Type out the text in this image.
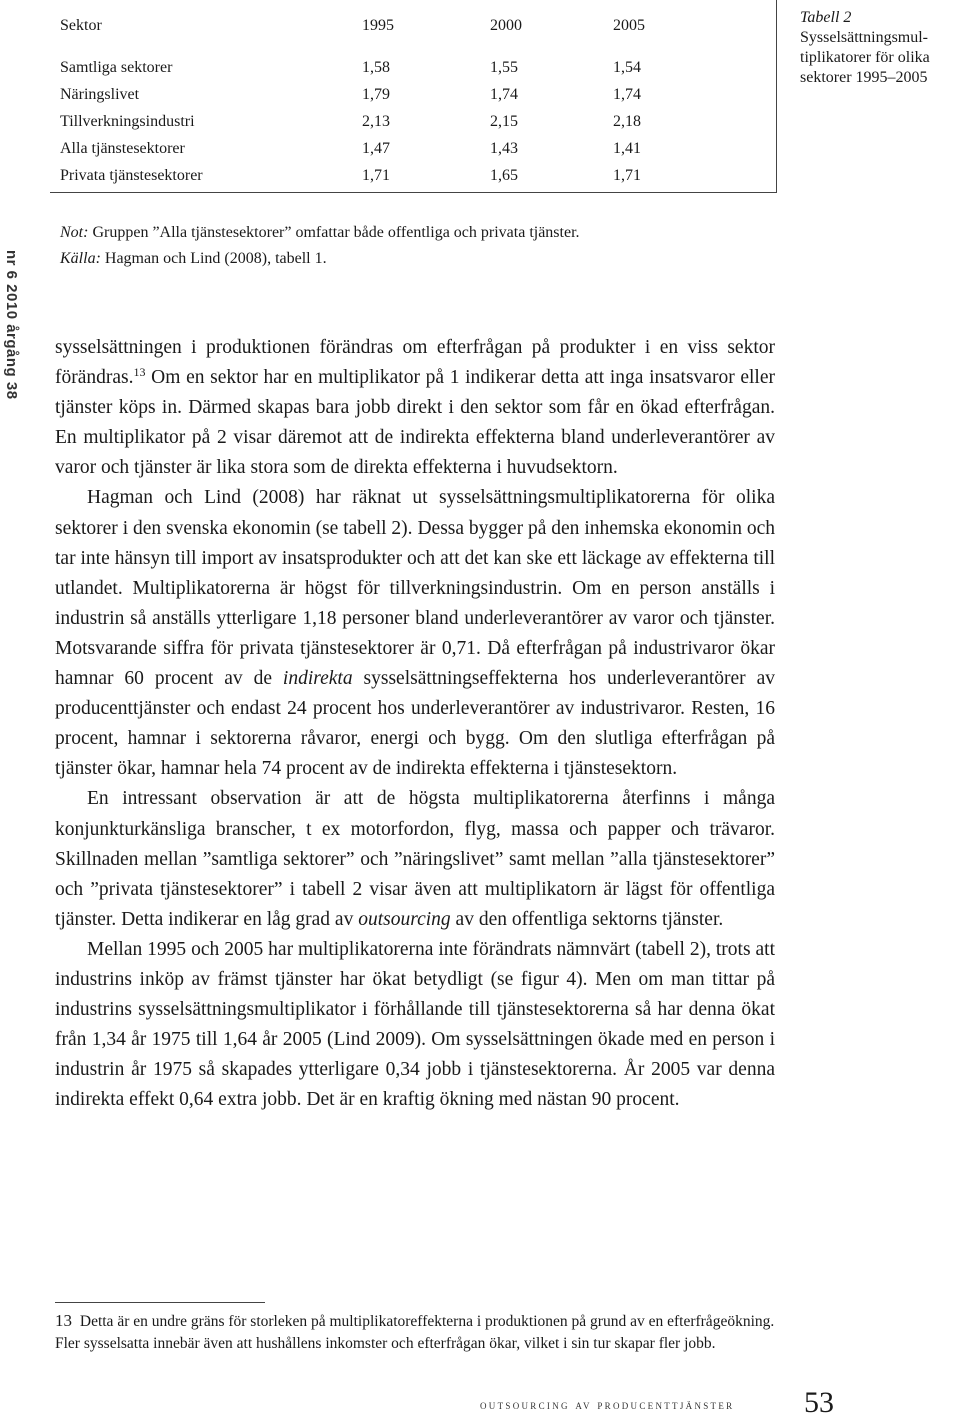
Sektor	1995	2000	2005
Samtliga sektorer	1,58	1,55	1,54
Näringslivet	1,79	1,74	1,74
Tillverkningsindustri	2,13	2,15	2,18
Alla tjänstesektorer	1,47	1,43	1,41
Privata tjänstesektorer	1,71	1,65	1,71
Tabell 2
Sysselsättningsmul-
tiplikatorer för olika
sektorer 1995–2005
nr 6 2010 årgång 38
Not: Gruppen ”Alla tjänstesektorer” omfattar både offentliga och privata tjänster.
Källa: Hagman och Lind (2008), tabell 1.

sysselsättningen i produktionen förändras om efterfrågan på produkter i en viss sektor förändras.$^{13}$ Om en sektor har en multiplikator på 1 indikerar detta att inga insatsvaror eller tjänster köps in. Därmed skapas bara jobb direkt i den sektor som får en ökad efterfrågan. En multiplikator på 2 visar däremot att de indirekta effekterna bland underleverantörer av varor och tjänster är lika stora som de direkta effekterna i huvudsektorn.

Hagman och Lind (2008) har räknat ut sysselsättningsmultiplikatorerna för olika sektorer i den svenska ekonomin (se tabell 2). Dessa bygger på den inhemska ekonomin och tar inte hänsyn till import av insatsprodukter och att det kan ske ett läckage av effekterna till utlandet. Multiplikatorerna är högst för tillverkningsindustrin. Om en person anställs i industrin så anställs ytterligare 1,18 personer bland underleverantörer av varor och tjänster. Motsvarande siffra för privata tjänstesektorer är 0,71. Då efterfrågan på industrivaror ökar hamnar 60 procent av de indirekta sysselsättningseffekterna hos underleverantörer av producenttjänster och endast 24 procent hos underleverantörer av industrivaror. Resten, 16 procent, hamnar i sektorerna råvaror, energi och bygg. Om den slutliga efterfrågan på tjänster ökar, hamnar hela 74 procent av de indirekta effekterna i tjänstesektorn.

En intressant observation är att de högsta multiplikatorerna återfinns i många konjunkturkänsliga branscher, t ex motorfordon, flyg, massa och papper och trävaror. Skillnaden mellan ”samtliga sektorer” och ”näringslivet” samt mellan ”alla tjänstesektorer” och ”privata tjänstesektorer” i tabell 2 visar även att multiplikatorn är lägst för offentliga tjänster. Detta indikerar en låg grad av outsourcing av den offentliga sektorns tjänster.

Mellan 1995 och 2005 har multiplikatorerna inte förändrats nämnvärt (tabell 2), trots att industrins inköp av främst tjänster har ökat betydligt (se figur 4). Men om man tittar på industrins sysselsättningsmultiplikator i förhållande till tjänstesektorerna så har denna ökat från 1,34 år 1975 till 1,64 år 2005 (Lind 2009). Om sysselsättningen ökade med en person i industrin år 1975 så skapades ytterligare 0,34 jobb i tjänstesektorerna. År 2005 var denna indirekta effekt 0,64 extra jobb. Det är en kraftig ökning med nästan 90 procent.

13 Detta är en undre gräns för storleken på multiplikatoreffekterna i produktionen på grund av en efterfrågeökning. Fler sysselsatta innebär även att hushållens inkomster och efterfrågan ökar, vilket i sin tur skapar fler jobb.
outsourcing av producenttjänster 53
